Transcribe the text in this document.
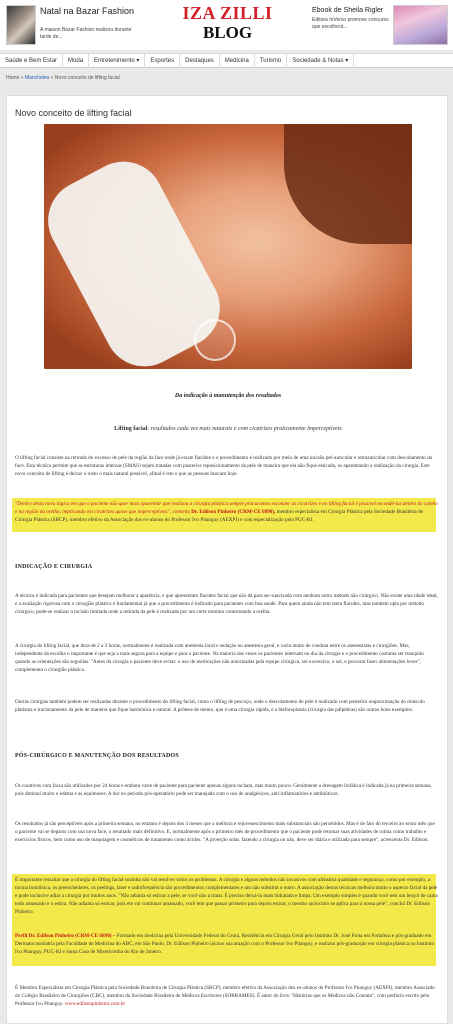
Natal na Bazar Fashion
A maison Bazar Fashion realizou durante tarde de...
IZA ZILLI
BLOG
Ebook de Sheila Rigler
Editora InVerso promove concurso que escolherá...
Saúde e Bem Estar	Moda	Entretenimento ▾	Esportes	Destaques	Medicina	Turismo	Sociedade & Notas ▾
Home » Manchetes » Novo conceito de lifting facial
Novo conceito de lifting facial
Da indicação à manutenção dos resultados
Lifting facial: resultados cada vez mais naturais e com cicatrizes praticamente imperceptíveis
O lifting facial consiste na retirada do excesso de pele da região da face onde já existe flacidez e o procedimento é realizado por meio de uma incisão pré-auricular e retroauricular com descolamento da face. Esta técnica permite que as estruturas internas (SMAS) sejam tratadas com posterior reposicionamento da pele de maneira que ela não fique esticada, os aparentando a realização da cirurgia. Este novo conceito de lifting é deixar o rosto o mais natural possível, afinal é isto o que as pessoas buscam hoje.
"Dentro desta nova lógica em que o paciente não quer mais aparentar que realizou a cirurgia plástica sempre procuramos esconder as cicatrizes e no lifting facial é possível escondê-las dentro do cabelo e na região da orelha, implicando em cicatrizes quase que imperceptíveis", comenta Dr. Edilson Pinheiro (CRM-CE 6890), membro especialista em Cirurgia Plástica pela Sociedade Brasileira de Cirurgia Plástica (SBCP), membro efetivo da Associação dos ex-alunos do Professor Ivo Pitanguy (AEXPI) e com especialização pela PUC-RJ.
INDICAÇÃO E CIRURGIA
A técnica é indicada para pacientes que desejam melhorar a aparência, e que apresentam flacidez facial que não dá para ser suavizada com nenhum outro método não cirúrgico. Não existe uma idade ideal, e a avaliação rigorosa com o cirurgião plástico é fundamental já que o procedimento é indicado para pacientes com boa saúde. Para quem ainda não tem tanta flacidez, mas também opta por método cirúrgico, pode-se realizar a incisão limitada onde a retirada da pele é realizada por um corte mínimo contornando a orelha.
A cirurgia do lifting facial, que dura de 2 a 3 horas, normalmente é realizada com anestesia local e sedação ou anestesia geral, e varia muito de conduta entre os anestesistas e cirurgiões. Mas, independente da escolha o importante é que seja a mais segura para a equipe e para o paciente. Na maioria das vezes os pacientes internam no dia da cirurgia e o procedimento costuma ser tranquilo quando as orientações são seguidas. "Antes da cirurgia o paciente deve evitar: o uso de medicações não autorizadas pela equipe cirúrgica, sol excessivo, o sol, e procurar fazer alimentações leves", complementa o cirurgião plástico.
Outras cirurgias também podem ser realizadas durante o procedimento do lifting facial, como o lifting de pescoço, onde o descolamento de pele é realizado com posterior reaproximação do músculo platisma e tracionamento da pele de maneira que fique harmônica e natural. A prótese de mento, que é uma cirurgia rápida, e a blefaroplastia (cirurgia das pálpebras) são outros bons exemplos.
PÓS-CIRÚRGICO E MANUTENÇÃO DOS RESULTADOS
Os curativos com faixa são utilizados por 24 horas e embora varie de paciente para paciente apenas alguns incham, mas muito pouco. Geralmente a drenagem linfática é indicada já na primeira semana, pois diminui muito o edema e as equimoses. A dor no período pós-operatório pode ser manejada com o uso de analgésicos, anti-inflamatórios e antibióticos.
Os resultados já são perceptíveis após a primeira semana, no entanto é depois dos 3 meses que a melhora e rejuvenescimento mais substanciais são percebidos. Mas é de fato do terceiro ao sexto mês que o paciente vai se deparar com sua nova face, o resultado mais definitivo. E, normalmente após o primeiro mês de procedimento que o paciente pode retomar suas atividades de rotina como trabalho e exercícios físicos, bem como uso de maquiagem e cosméticos de tratamento como ácidos. "A proteção solar, fazendo a cirurgia ou não, deve ser diária e utilizada para sempre", acrescenta Dr. Edilson.
É importante ressaltar que a cirurgia do lifting facial sozinha não vai resolver todos os problemas. A cirurgia e alguns métodos não invasivos com altíssima qualidade e segurança, como por exemplo, a toxina botulínica, os preenchedores, os peelings, laser e radiofrequência são procedimentos complementares e um não substitui o outro. A associação destas técnicas melhora muito o aspecto facial da pele e pode inclusive adiar a cirurgia por muitos anos. "Não adianta só esticar a pele, se você não a tratar. É preciso deixá-la mais hidratada e limpa. Um exemplo simples é quando você tem um lençol de cama todo amassado e o estica. Não adianta só esticar, pois ele vai continuar amassado, você tem que passar primeiro para depois estirar, o mesmo raciocínio se aplica para a nossa pele", conclui Dr. Edilson Pinheiro.
Perfil Dr. Edilson Pinheiro (CRM-CE 6890) – Formado em medicina pela Universidade Federal do Ceará, Residência em Cirurgia Geral pelo Instituto Dr. José Frota em Fortaleza e pós-graduado em Dermatocosmiatria pela Faculdade de Medicina do ABC, em São Paulo, Dr. Edilson Pinheiro iniciou sua atuação com o Professor Ivo Pitanguy, e realizou pós-graduação em cirurgia plástica no Instituto Ivo Pitanguy, PUC-RJ e Santa Casa de Misericórdia do Rio de Janeiro.
É Membro Especialista em Cirurgia Plástica pela Sociedade Brasileira de Cirurgia Plástica (SBCP), membro efetivo da Associação dos ex-alunos do Professor Ivo Pitanguy (AEXPI), membro Associado do Colégio Brasileiro de Cirurgiões (CBC), membro da Sociedade Brasileira de Médicos Escritores (SOBRAMES). É autor do livro "Histórias que os Médicos não Contam", com prefácio escrito pelo Professor Ivo Pitanguy. www.edilsonpinheiro.com.br
